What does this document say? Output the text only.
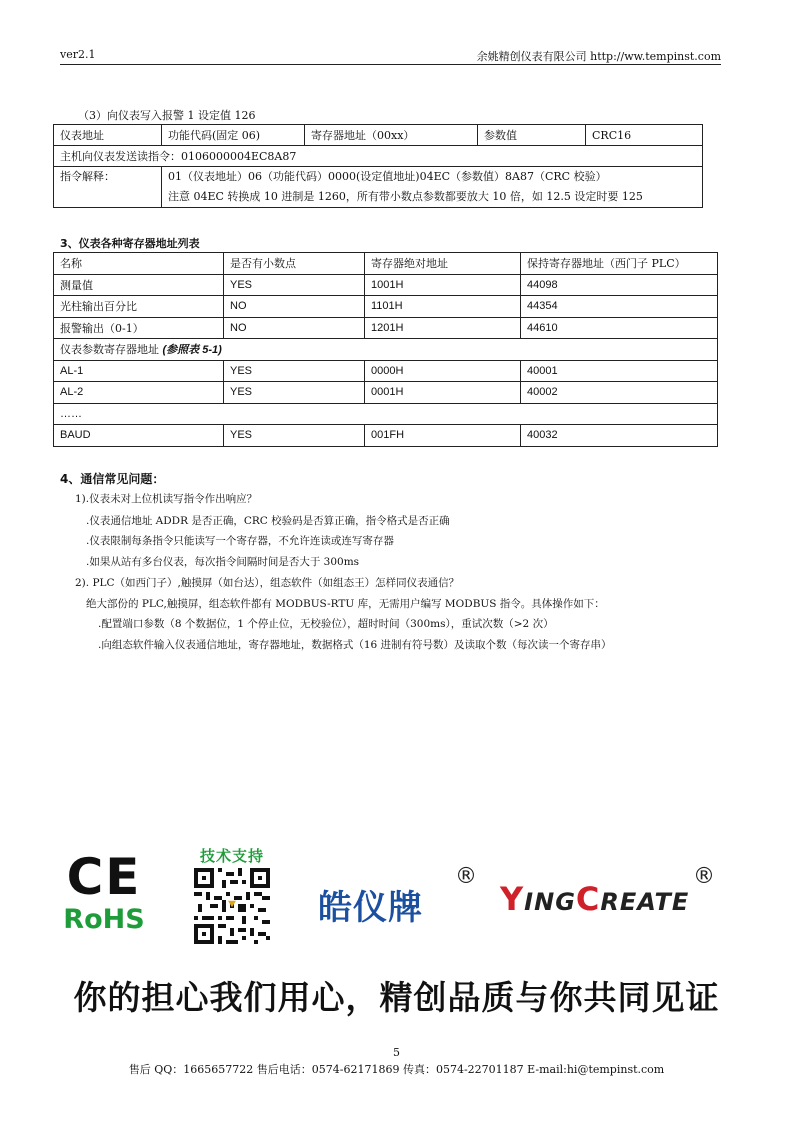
ver2.1	余姚精创仪表有限公司 http://ww.tempinst.com
（3）向仪表写入报警 1 设定值 126
仪表地址	功能代码(固定 06)	寄存器地址（00xx）	参数值	CRC16
主机向仪表发送读指令：0106000004EC8A87				
指令解释：	01（仪表地址）06（功能代码）0000(设定值地址)04EC（参数值）8A87（CRC 校验）
注意 04EC 转换成 10 进制是 1260，所有带小数点参数都要放大 10 倍，如 12.5 设定时要 125			
3、仪表各种寄存器地址列表
名称	是否有小数点	寄存器绝对地址	保持寄存器地址（西门子 PLC）
测量值	YES	1001H	44098
光柱输出百分比	NO	1101H	44354
报警输出（0-1）	NO	1201H	44610
仪表参数寄存器地址 (参照表 5-1)			
AL-1	YES	0000H	40001
AL-2	YES	0001H	40002
……			
BAUD	YES	001FH	40032
4、通信常见问题：
1).仪表未对上位机读写指令作出响应？
.仪表通信地址 ADDR 是否正确，CRC 校验码是否算正确，指令格式是否正确
.仪表限制每条指令只能读写一个寄存器，不允许连读或连写寄存器
.如果从站有多台仪表，每次指令间隔时间是否大于 300ms
2). PLC（如西门子）,触摸屏（如台达），组态软件（如组态王）怎样同仪表通信？
绝大部份的 PLC,触摸屏，组态软件都有 MODBUS-RTU 库，无需用户编写 MODBUS 指令。具体操作如下：
.配置端口参数（8 个数据位，1 个停止位，无校验位），超时时间（300ms），重试次数（>2 次）
.向组态软件输入仪表通信地址，寄存器地址，数据格式（16 进制有符号数）及读取个数（每次读一个寄存串）
CE
RoHS
技术支持
皓仪牌
®
YINGCREATE
®
你的担心我们用心，精创品质与你共同见证
5
售后 QQ：1665657722 售后电话：0574-62171869 传真：0574-22701187 E-mail:hi@tempinst.com
